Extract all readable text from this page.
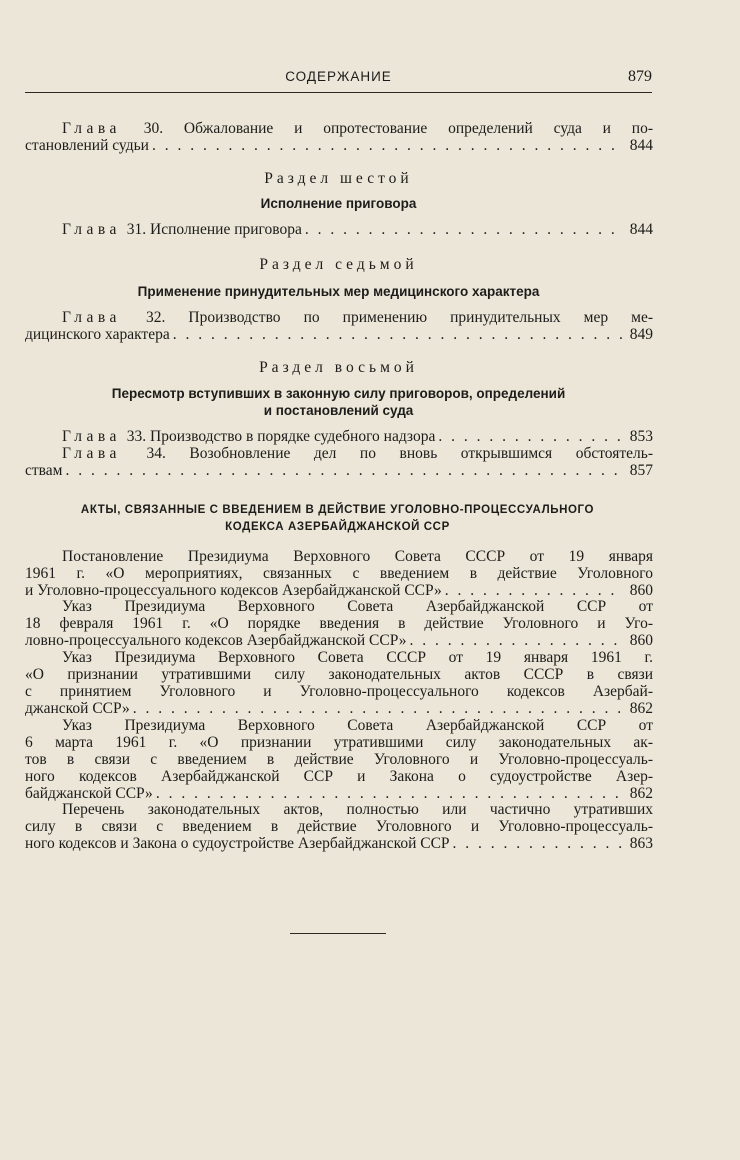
СОДЕРЖАНИЕ	879
Глава 30. Обжалование и опротестование определений суда и по-
становлений судьи . . .	844
Раздел шестой
Исполнение приговора
Глава 31. Исполнение приговора . . .	844
Раздел седьмой
Применение принудительных мер медицинского характера
Глава 32. Производство по применению принудительных мер ме-
дицинского характера . . .	849
Раздел восьмой
Пересмотр вступивших в законную силу приговоров, определений
и постановлений суда
Глава 33. Производство в порядке судебного надзора . . .	853
Глава 34. Возобновление дел по вновь открывшимся обстоятель-
ствам . . .	857
АКТЫ, СВЯЗАННЫЕ С ВВЕДЕНИЕМ В ДЕЙСТВИЕ УГОЛОВНО-ПРОЦЕССУАЛЬНОГО
КОДЕКСА АЗЕРБАЙДЖАНСКОЙ ССР
Постановление Президиума Верховного Совета СССР от 19 января
1961 г. «О мероприятиях, связанных с введением в действие Уголовного
и Уголовно-процессуального кодексов Азербайджанской ССР» . . .	860
Указ Президиума Верховного Совета Азербайджанской ССР от
18 февраля 1961 г. «О порядке введения в действие Уголовного и Уго-
ловно-процессуального кодексов Азербайджанской ССР» . . .	860
Указ Президиума Верховного Совета СССР от 19 января 1961 г.
«О признании утратившими силу законодательных актов СССР в связи
с принятием Уголовного и Уголовно-процессуального кодексов Азербай-
джанской ССР» . . .	862
Указ Президиума Верховного Совета Азербайджанской ССР от
6 марта 1961 г. «О признании утратившими силу законодательных ак-
тов в связи с введением в действие Уголовного и Уголовно-процессуаль-
ного кодексов Азербайджанской ССР и Закона о судоустройстве Азер-
байджанской ССР» . . .	862
Перечень законодательных актов, полностью или частично утративших
силу в связи с введением в действие Уголовного и Уголовно-процессуаль-
ного кодексов и Закона о судоустройстве Азербайджанской ССР . . .	863
